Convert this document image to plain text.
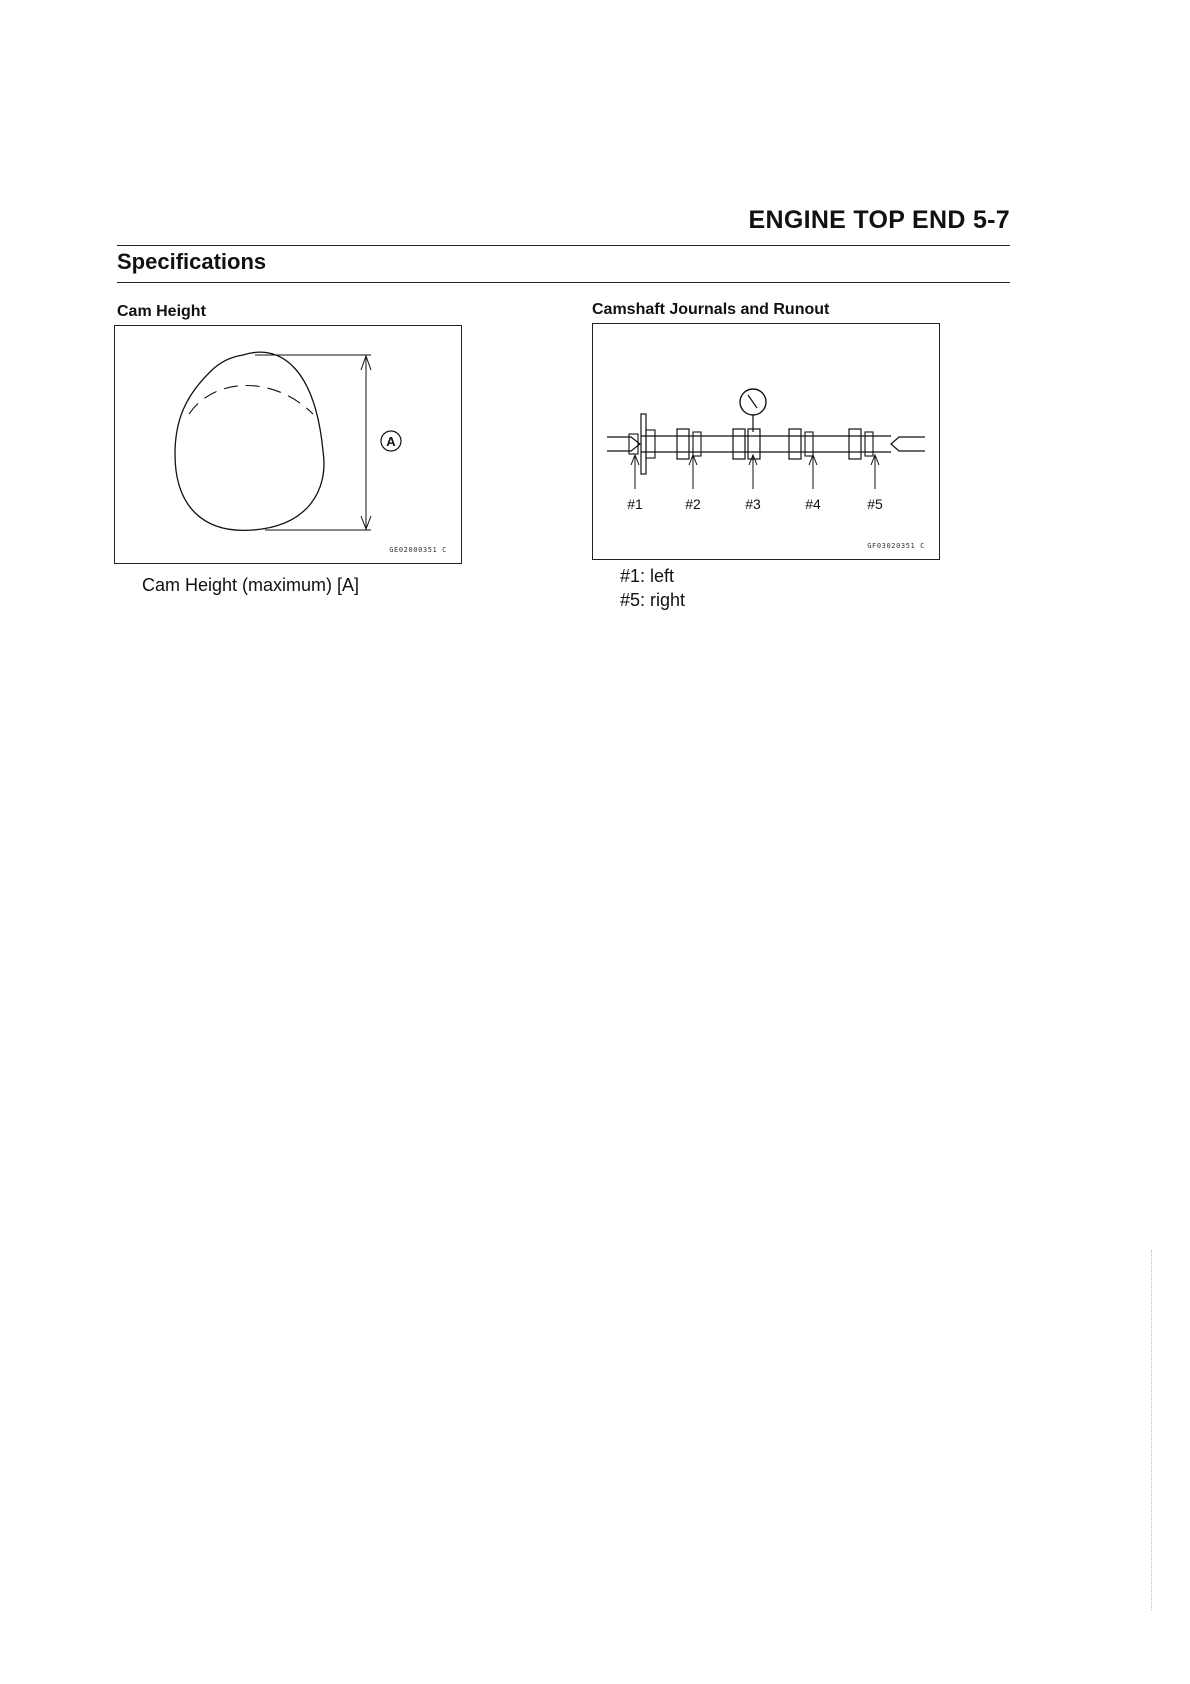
ENGINE TOP END 5-7
Specifications
Cam Height
A
GE02000351 C
Cam Height (maximum) [A]
Camshaft Journals and Runout
#1	#2	#3	#4	#5
GF03020351 C
#1: left
#5: right
